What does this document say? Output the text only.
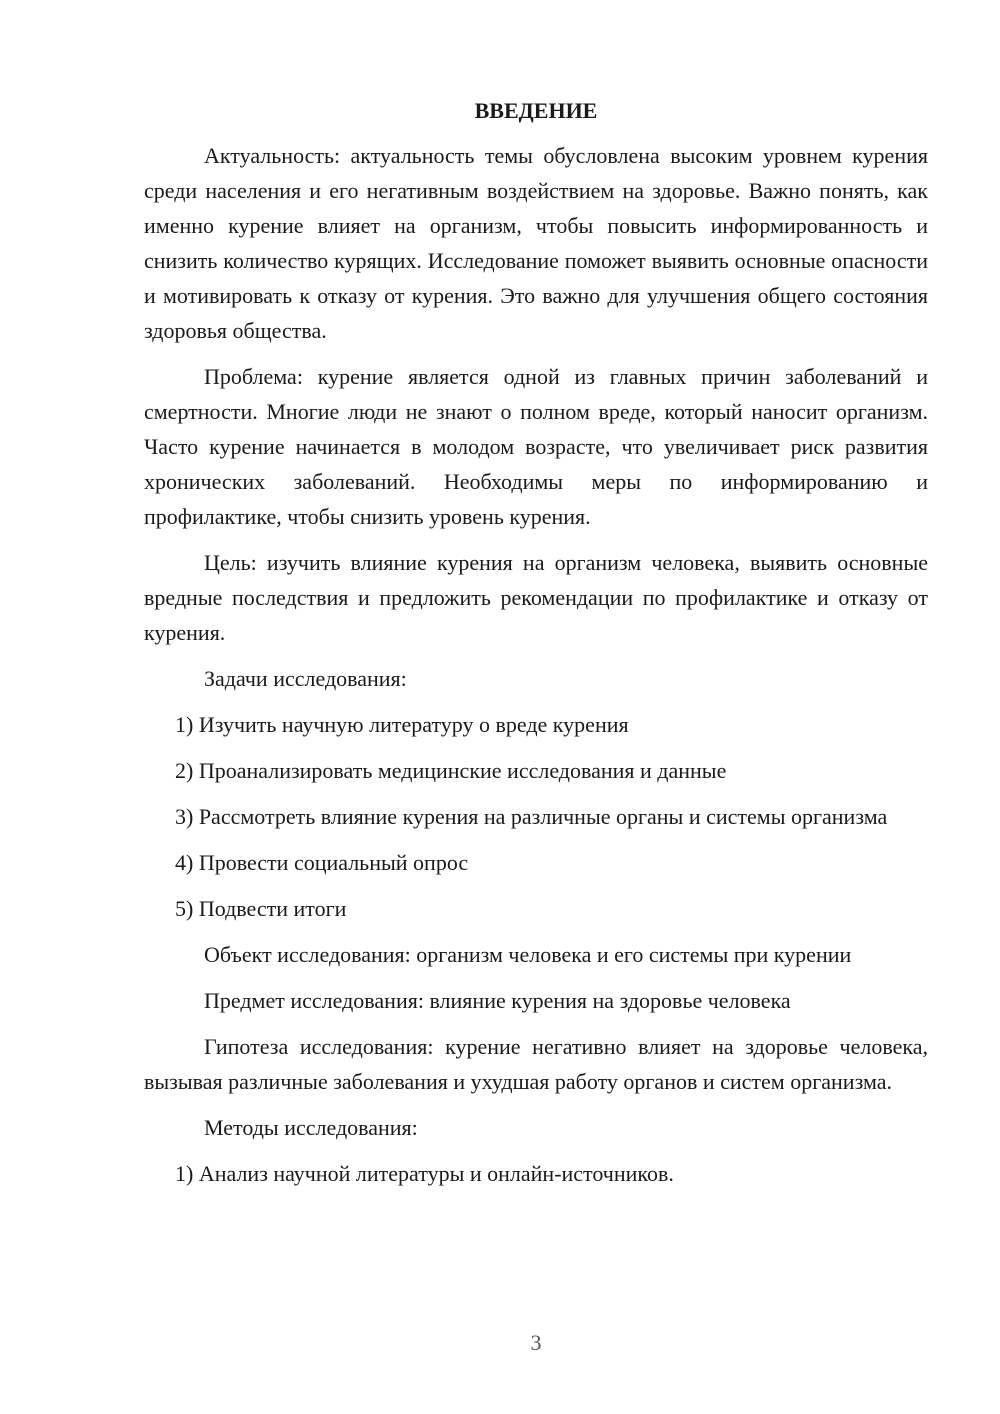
ВВЕДЕНИЕ

Актуальность: актуальность темы обусловлена высоким уровнем курения среди населения и его негативным воздействием на здоровье. Важно понять, как именно курение влияет на организм, чтобы повысить информированность и снизить количество курящих. Исследование поможет выявить основные опасности и мотивировать к отказу от курения. Это важно для улучшения общего состояния здоровья общества.

Проблема: курение является одной из главных причин заболеваний и смертности. Многие люди не знают о полном вреде, который наносит организм. Часто курение начинается в молодом возрасте, что увеличивает риск развития хронических заболеваний. Необходимы меры по информированию и профилактике, чтобы снизить уровень курения.

Цель: изучить влияние курения на организм человека, выявить основные вредные последствия и предложить рекомендации по профилактике и отказу от курения.

Задачи исследования:

1) Изучить научную литературу о вреде курения

2) Проанализировать медицинские исследования и данные

3) Рассмотреть влияние курения на различные органы и системы организма

4) Провести социальный опрос

5) Подвести итоги

Объект исследования: организм человека и его системы при курении

Предмет исследования: влияние курения на здоровье человека

Гипотеза исследования: курение негативно влияет на здоровье человека, вызывая различные заболевания и ухудшая работу органов и систем организма.

Методы исследования:

1) Анализ научной литературы и онлайн-источников.

3
